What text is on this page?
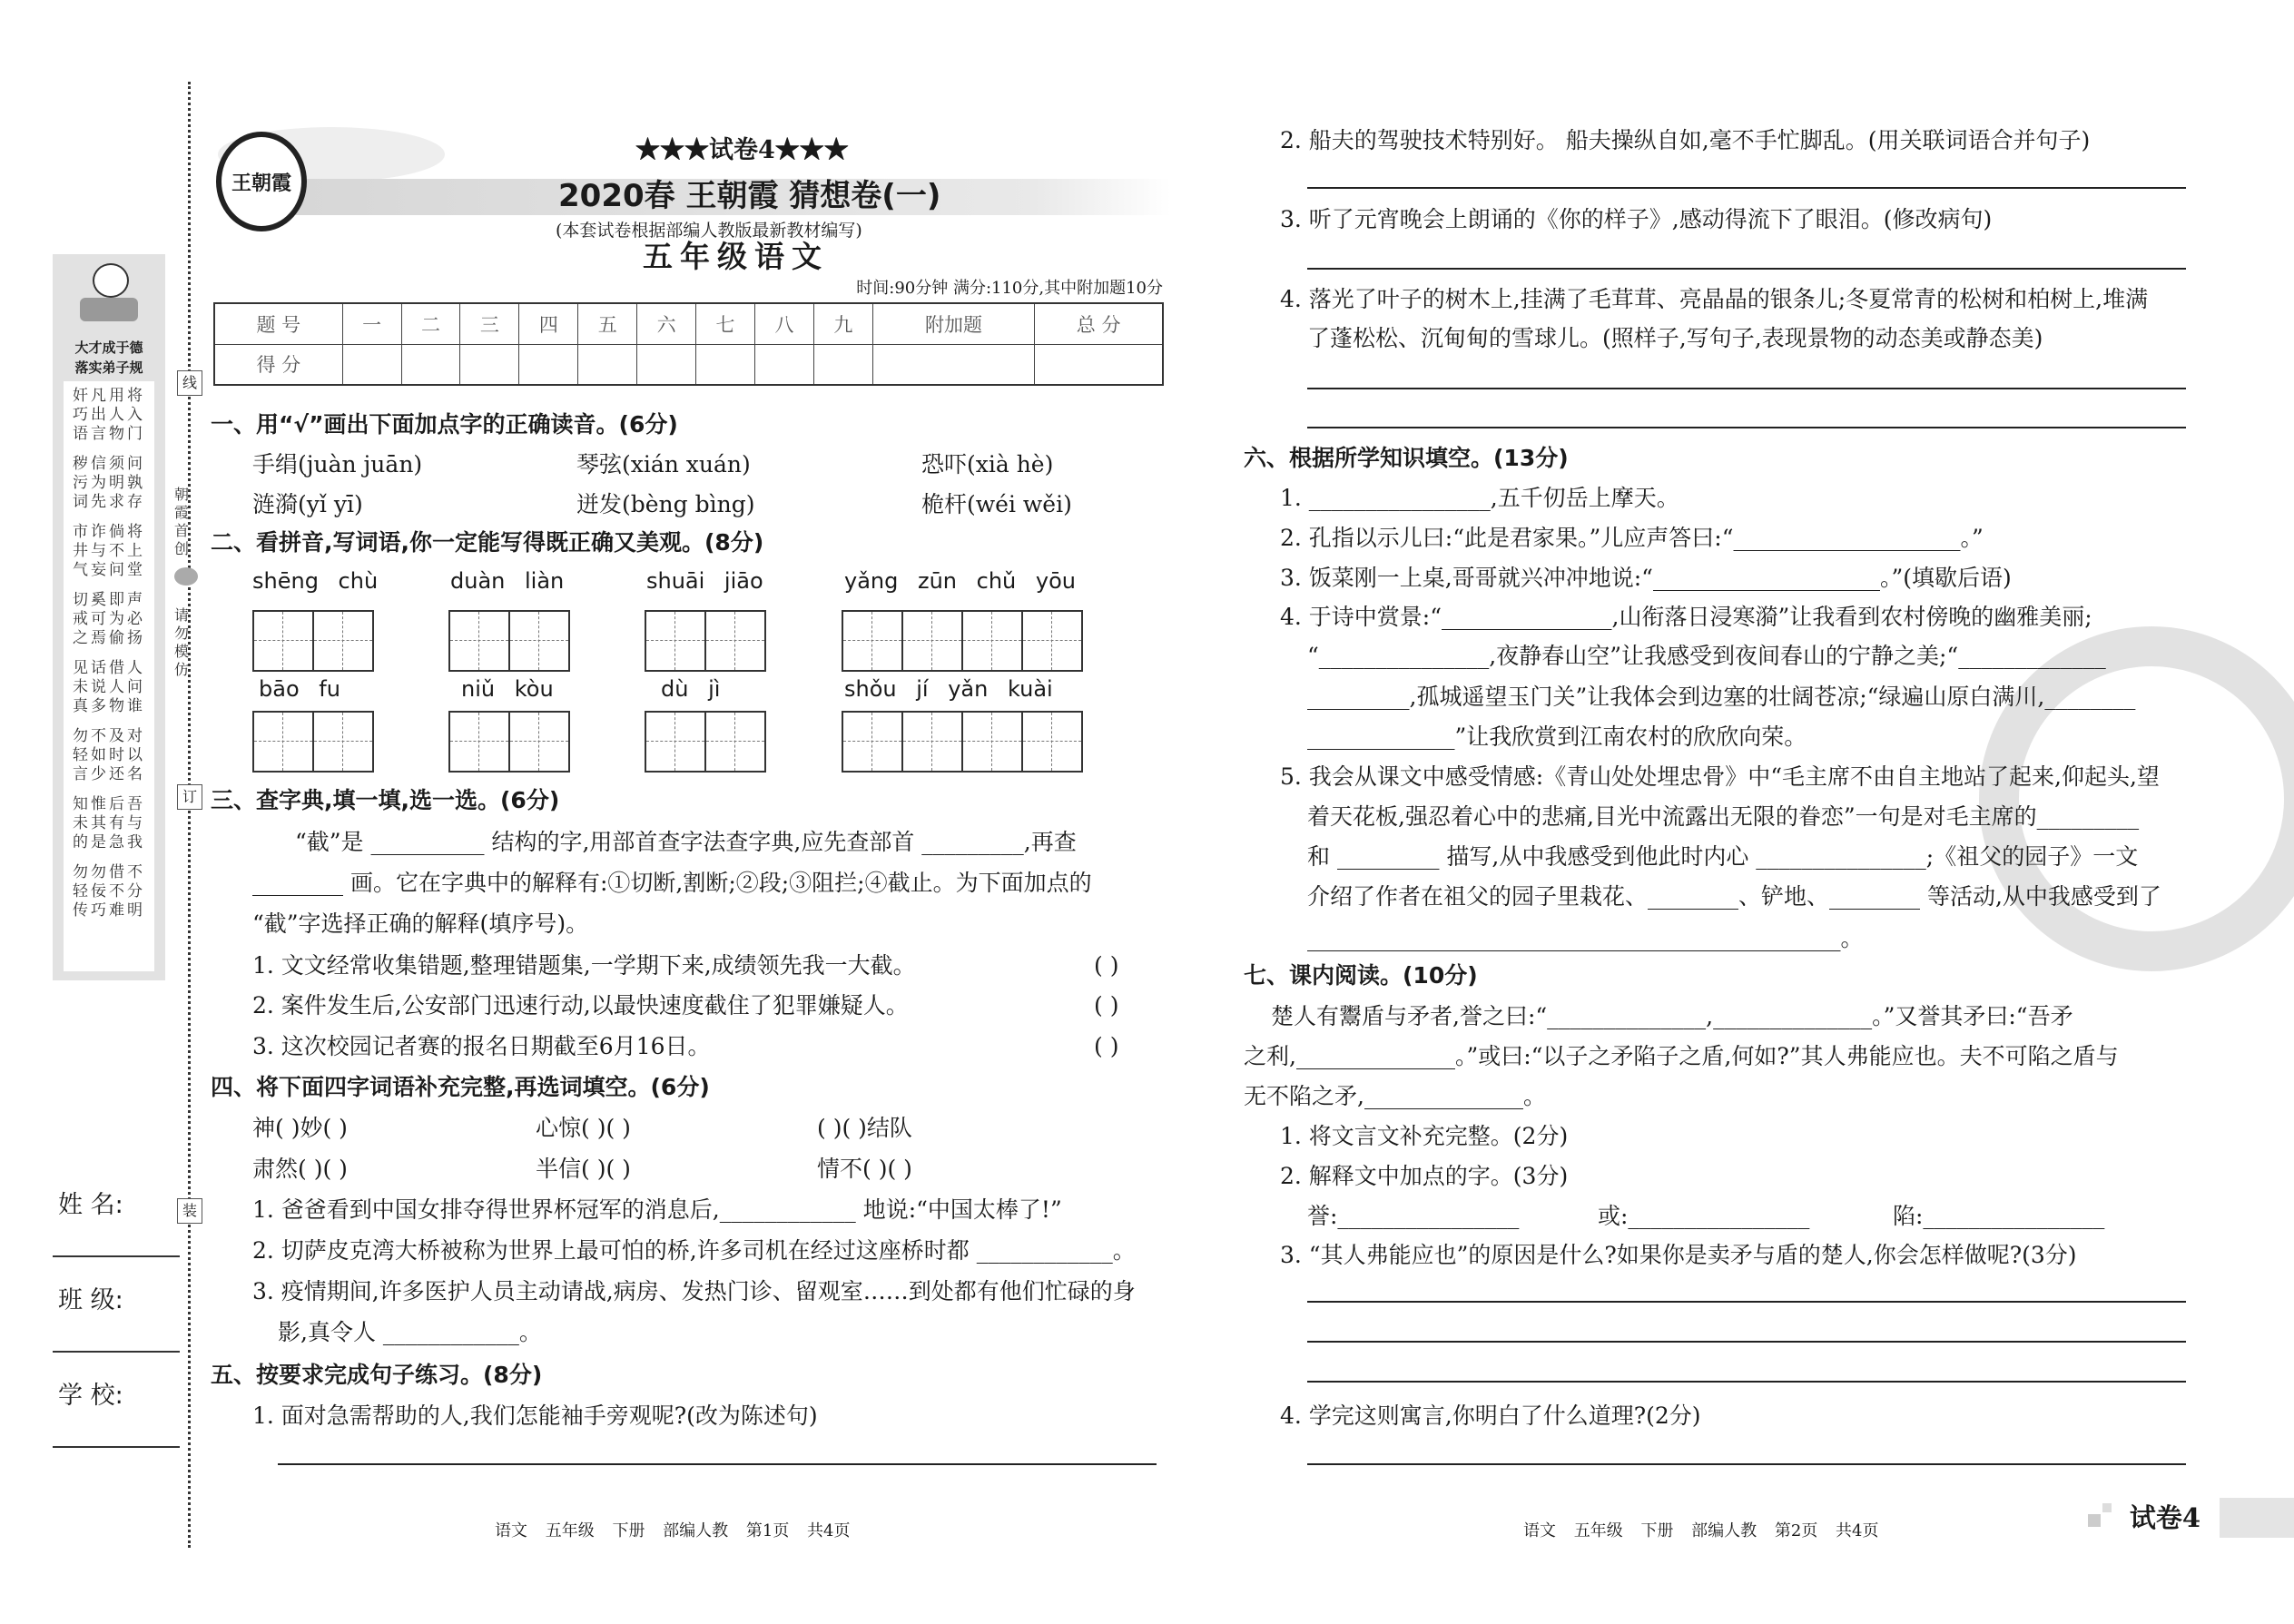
大才成于德
落实弟子规
奸凡用将
巧出人入
语言物门
秽信须问
污为明孰
词先求存
市诈倘将
井与不上
气妄问堂
切奚即声
戒可为必
之焉偷扬
见话借人
未说人问
真多物谁
勿不及对
轻如时以
言少还名
知惟后吾
未其有与
的是急我
勿勿借不
轻佞不分
传巧难明
线
订
装
朝霞首创
请勿模仿
姓 名:
班 级:
学 校:
★★★试卷4★★★
王朝霞	2020春 王朝霞 猜想卷(一)
(本套试卷根据部编人教版最新教材编写)
五年级语文
时间:90分钟 满分:110分,其中附加题10分
题 号	一	二	三	四	五	六	七	八	九	附加题	总 分
得 分											
一、用“√”画出下面加点字的正确读音。(6分)
手绢(juàn juān)	琴弦(xián xuán)	恐吓(xià hè)
涟漪(yǐ yī)	迸发(bèng bìng)	桅杆(wéi wěi)
二、看拼音,写词语,你一定能写得既正确又美观。(8分)
shēng chù	duàn liàn	shuāi jiāo	yǎng zūn chǔ yōu
bāo fu	niǔ kòu	dù jì	shǒu jí yǎn kuài
三、查字典,填一填,选一选。(6分)
“截”是 __________ 结构的字,用部首查字法查字典,应先查部首 _________,再查
________ 画。它在字典中的解释有:①切断,割断;②段;③阻拦;④截止。为下面加点的
“截”字选择正确的解释(填序号)。
1. 文文经常收集错题,整理错题集,一学期下来,成绩领先我一大截。	( )
2. 案件发生后,公安部门迅速行动,以最快速度截住了犯罪嫌疑人。	( )
3. 这次校园记者赛的报名日期截至6月16日。	( )
四、将下面四字词语补充完整,再选词填空。(6分)
神( )妙( )	心惊( )( )	( )( )结队
肃然( )( )	半信( )( )	情不( )( )
1. 爸爸看到中国女排夺得世界杯冠军的消息后,____________ 地说:“中国太棒了!”
2. 切萨皮克湾大桥被称为世界上最可怕的桥,许多司机在经过这座桥时都 ____________。
3. 疫情期间,许多医护人员主动请战,病房、发热门诊、留观室……到处都有他们忙碌的身
影,真令人 ____________。
五、按要求完成句子练习。(8分)
1. 面对急需帮助的人,我们怎能袖手旁观呢?(改为陈述句)
语文 五年级 下册 部编人教 第1页 共4页
2. 船夫的驾驶技术特别好。 船夫操纵自如,毫不手忙脚乱。(用关联词语合并句子)
3. 听了元宵晚会上朗诵的《你的样子》,感动得流下了眼泪。(修改病句)
4. 落光了叶子的树木上,挂满了毛茸茸、亮晶晶的银条儿;冬夏常青的松树和柏树上,堆满
了蓬松松、沉甸甸的雪球儿。(照样子,写句子,表现景物的动态美或静态美)
六、根据所学知识填空。(13分)
1. ________________,五千仞岳上摩天。
2. 孔指以示儿曰:“此是君家果。”儿应声答曰:“____________________。”
3. 饭菜刚一上桌,哥哥就兴冲冲地说:“____________________。”(填歇后语)
4. 于诗中赏景:“_______________,山衔落日浸寒漪”让我看到农村傍晚的幽雅美丽;
“_______________,夜静春山空”让我感受到夜间春山的宁静之美;“_____________
_________,孤城遥望玉门关”让我体会到边塞的壮阔苍凉;“绿遍山原白满川,________
_____________”让我欣赏到江南农村的欣欣向荣。
5. 我会从课文中感受情感:《青山处处埋忠骨》中“毛主席不由自主地站了起来,仰起头,望
着天花板,强忍着心中的悲痛,目光中流露出无限的眷恋”一句是对毛主席的_________
和 _________ 描写,从中我感受到他此时内心 _______________;《祖父的园子》一文
介绍了作者在祖父的园子里栽花、________、铲地、________ 等活动,从中我感受到了
_______________________________________________。
七、课内阅读。(10分)
楚人有鬻盾与矛者,誉之曰:“______________,______________。”又誉其矛曰:“吾矛
之利,______________。”或曰:“以子之矛陷子之盾,何如?”其人弗能应也。夫不可陷之盾与
无不陷之矛,______________。
1. 将文言文补充完整。(2分)
2. 解释文中加点的字。(3分)
誉:________________	或:________________	陷:________________
3. “其人弗能应也”的原因是什么?如果你是卖矛与盾的楚人,你会怎样做呢?(3分)
4. 学完这则寓言,你明白了什么道理?(2分)
语文 五年级 下册 部编人教 第2页 共4页	试卷4
